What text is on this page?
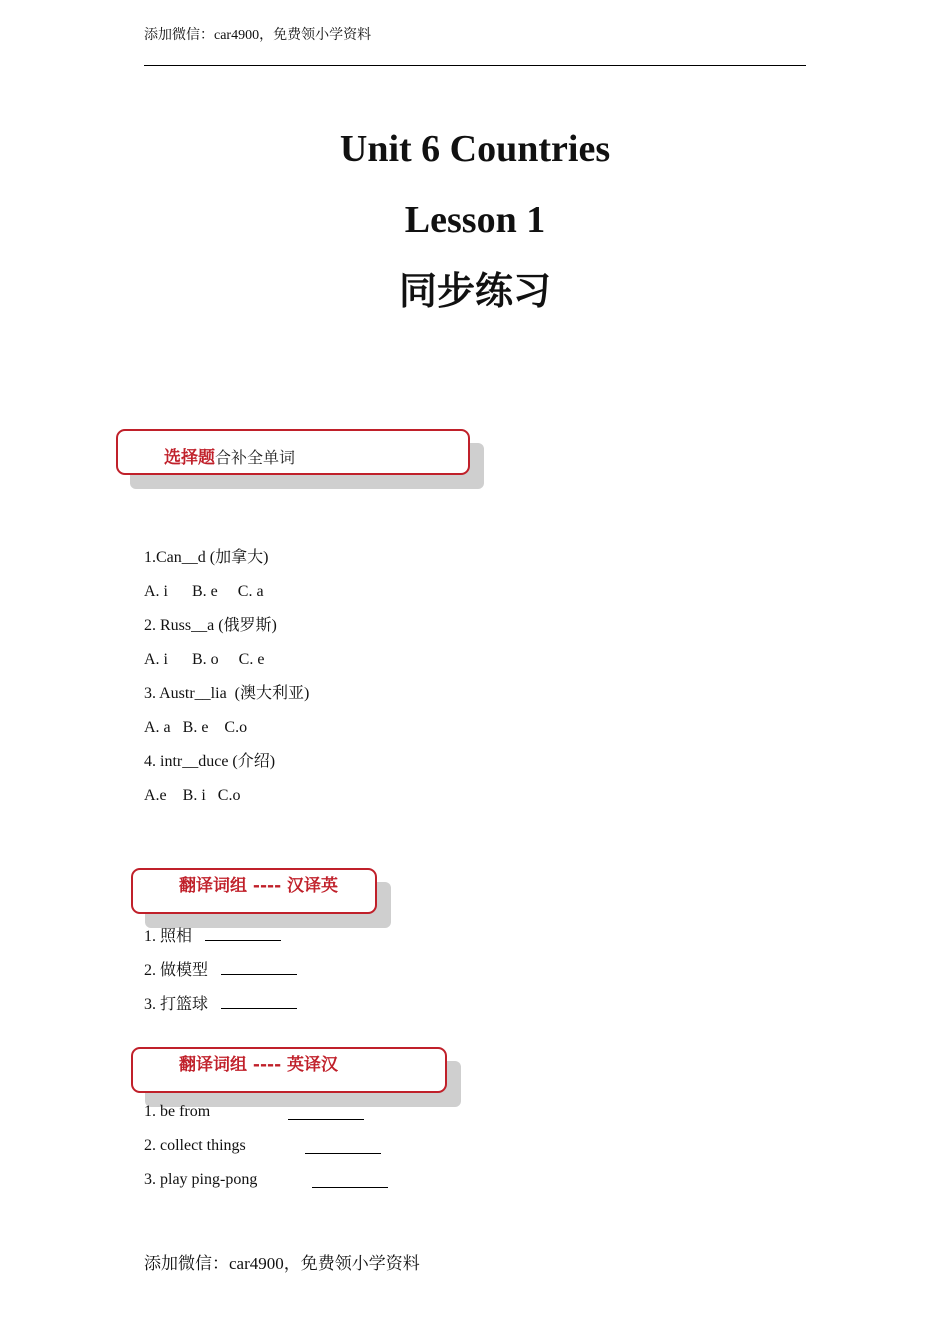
添加微信：car4900，免费领小学资料
Unit 6 Countries
Lesson 1
同步练习
选择题合补全单词
1.Can__d (加拿大)
A. i      B. e     C. a
2. Russ__a (俄罗斯)
A. i      B. o     C. e
3. Austr__lia  (澳大利亚)
A. a   B. e    C.o
4. intr__duce (介绍)
A.e    B. i   C.o
翻译词组 ---- 汉译英
1. 照相
2. 做模型
3. 打篮球
翻译词组 ---- 英译汉
1. be from
2. collect things
3. play ping-pong
添加微信：car4900，免费领小学资料
